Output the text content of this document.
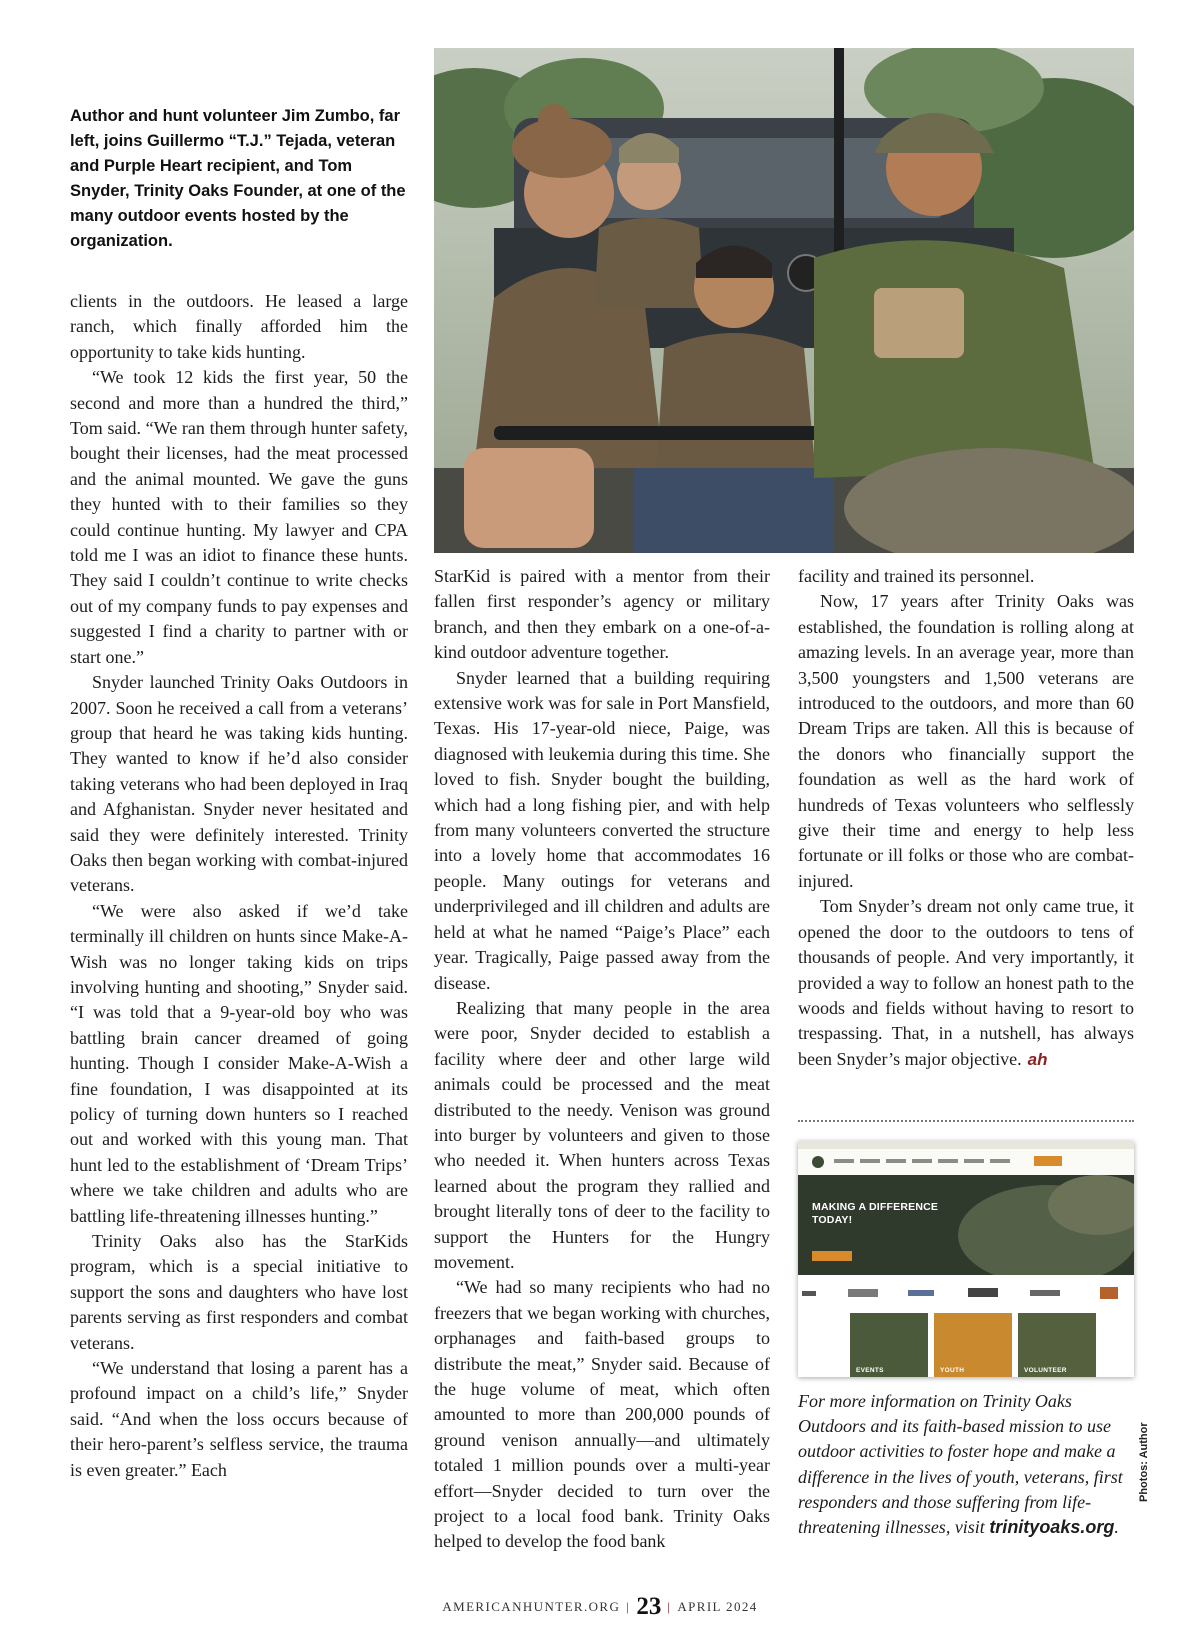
Author and hunt volunteer Jim Zumbo, far left, joins Guillermo “T.J.” Tejada, veteran and Purple Heart recipient, and Tom Snyder, Trinity Oaks Founder, at one of the many outdoor events hosted by the organization.

clients in the outdoors. He leased a large ranch, which finally afforded him the opportunity to take kids hunting.

“We took 12 kids the first year, 50 the second and more than a hundred the third,” Tom said. “We ran them through hunter safety, bought their licenses, had the meat processed and the animal mounted. We gave the guns they hunted with to their families so they could continue hunting. My lawyer and CPA told me I was an idiot to finance these hunts. They said I couldn’t continue to write checks out of my company funds to pay expenses and suggested I find a charity to partner with or start one.”

Snyder launched Trinity Oaks Outdoors in 2007. Soon he received a call from a veterans’ group that heard he was taking kids hunting. They wanted to know if he’d also consider taking veterans who had been deployed in Iraq and Afghanistan. Snyder never hesitated and said they were definitely interested. Trinity Oaks then began working with combat-injured veterans.

“We were also asked if we’d take terminally ill children on hunts since Make-A-Wish was no longer taking kids on trips involving hunting and shooting,” Snyder said. “I was told that a 9-year-old boy who was battling brain cancer dreamed of going hunting. Though I consider Make-A-Wish a fine foundation, I was disappointed at its policy of turning down hunters so I reached out and worked with this young man. That hunt led to the establishment of ‘Dream Trips’ where we take children and adults who are battling life-threatening illnesses hunting.”

Trinity Oaks also has the StarKids program, which is a special initiative to support the sons and daughters who have lost parents serving as first responders and combat veterans.

“We understand that losing a parent has a profound impact on a child’s life,” Snyder said. “And when the loss occurs because of their hero-parent’s selfless service, the trauma is even greater.” Each

StarKid is paired with a mentor from their fallen first responder’s agency or military branch, and then they embark on a one-of-a-kind outdoor adventure together.

Snyder learned that a building requiring extensive work was for sale in Port Mansfield, Texas. His 17-year-old niece, Paige, was diagnosed with leukemia during this time. She loved to fish. Snyder bought the building, which had a long fishing pier, and with help from many volunteers converted the structure into a lovely home that accommodates 16 people. Many outings for veterans and underprivileged and ill children and adults are held at what he named “Paige’s Place” each year. Tragically, Paige passed away from the disease.

Realizing that many people in the area were poor, Snyder decided to establish a facility where deer and other large wild animals could be processed and the meat distributed to the needy. Venison was ground into burger by volunteers and given to those who needed it. When hunters across Texas learned about the program they rallied and brought literally tons of deer to the facility to support the Hunters for the Hungry movement.

“We had so many recipients who had no freezers that we began working with churches, orphanages and faith-based groups to distribute the meat,” Snyder said. Because of the huge volume of meat, which often amounted to more than 200,000 pounds of ground venison annually—and ultimately totaled 1 million pounds over a multi-year effort—Snyder decided to turn over the project to a local food bank. Trinity Oaks helped to develop the food bank

facility and trained its personnel.

Now, 17 years after Trinity Oaks was established, the foundation is rolling along at amazing levels. In an average year, more than 3,500 youngsters and 1,500 veterans are introduced to the outdoors, and more than 60 Dream Trips are taken. All this is because of the donors who financially support the foundation as well as the hard work of hundreds of Texas volunteers who selflessly give their time and energy to help less fortunate or ill folks or those who are combat-injured.

Tom Snyder’s dream not only came true, it opened the door to the outdoors to tens of thousands of people. And very importantly, it provided a way to follow an honest path to the woods and fields without having to resort to trespassing. That, in a nutshell, has always been Snyder’s major objective. ah

MAKING A DIFFERENCE
TODAY!
EVENTS	YOUTH	VOLUNTEER
For more information on Trinity Oaks Outdoors and its faith-based mission to use outdoor activities to foster hope and make a difference in the lives of youth, veterans, first responders and those suffering from life-threatening illnesses, visit trinityoaks.org.
Photos: Author
AMERICANHUNTER.ORG | 23 | APRIL 2024
